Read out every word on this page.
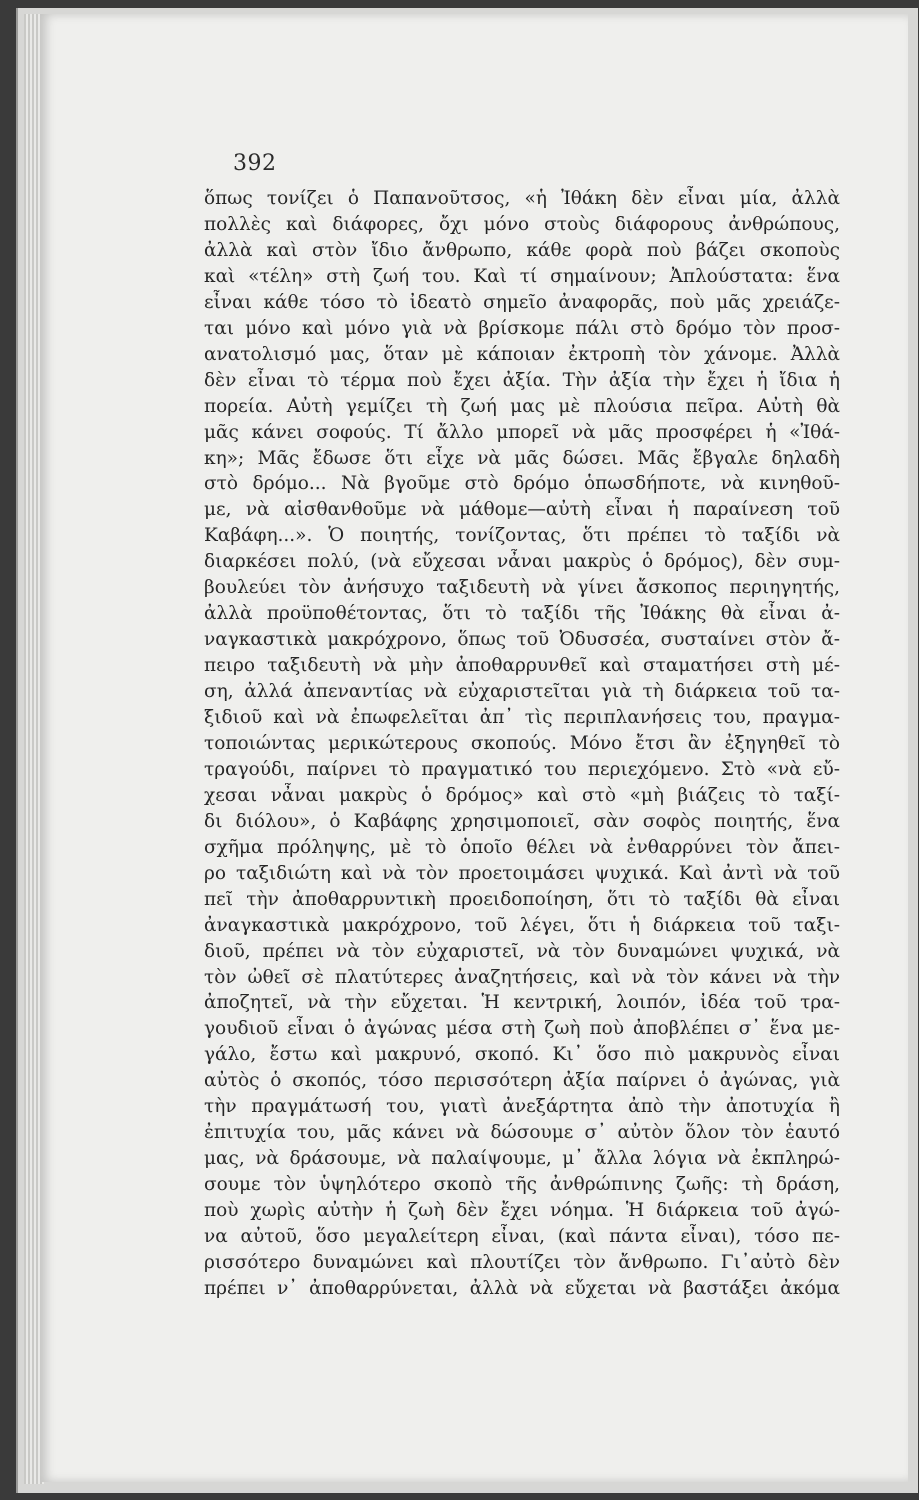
392
ὅπως τονίζει ὁ Παπανοῦτσος, «ἡ Ἰθάκη δὲν εἶναι μία, ἀλλὰ
πολλὲς καὶ διάφορες, ὄχι μόνο στοὺς διάφορους ἀνθρώπους,
ἀλλὰ καὶ στὸν ἴδιο ἄνθρωπο, κάθε φορὰ ποὺ βάζει σκοποὺς
καὶ «τέλη» στὴ ζωή του. Καὶ τί σημαίνουν; Ἀπλούστατα: ἕνα
εἶναι κάθε τόσο τὸ ἰδεατὸ σημεῖο ἀναφορᾶς, ποὺ μᾶς χρειάζε-
ται μόνο καὶ μόνο γιὰ νὰ βρίσκομε πάλι στὸ δρόμο τὸν προσ-
ανατολισμό μας, ὅταν μὲ κάποιαν ἐκτροπὴ τὸν χάνομε. Ἀλλὰ
δὲν εἶναι τὸ τέρμα ποὺ ἔχει ἀξία. Τὴν ἀξία τὴν ἔχει ἡ ἴδια ἡ
πορεία. Αὐτὴ γεμίζει τὴ ζωή μας μὲ πλούσια πεῖρα. Αὐτὴ θὰ
μᾶς κάνει σοφούς. Τί ἄλλο μπορεῖ νὰ μᾶς προσφέρει ἡ «Ἰθά-
κη»; Μᾶς ἔδωσε ὅτι εἶχε νὰ μᾶς δώσει. Μᾶς ἔβγαλε δηλαδὴ
στὸ δρόμο... Νὰ βγοῦμε στὸ δρόμο ὁπωσδήποτε, νὰ κινηθοῦ-
με, νὰ αἰσθανθοῦμε νὰ μάθομε—αὐτὴ εἶναι ἡ παραίνεση τοῦ
Καβάφη...». Ὁ ποιητής, τονίζοντας, ὅτι πρέπει τὸ ταξίδι νὰ
διαρκέσει πολύ, (νὰ εὔχεσαι νἆναι μακρὺς ὁ δρόμος), δὲν συμ-
βουλεύει τὸν ἀνήσυχο ταξιδευτὴ νὰ γίνει ἄσκοπος περιηγητής,
ἀλλὰ προϋποθέτοντας, ὅτι τὸ ταξίδι τῆς Ἰθάκης θὰ εἶναι ἀ-
ναγκαστικὰ μακρόχρονο, ὅπως τοῦ Ὀδυσσέα, συσταίνει στὸν ἄ-
πειρο ταξιδευτὴ νὰ μὴν ἀποθαρρυνθεῖ καὶ σταματήσει στὴ μέ-
ση, ἀλλά ἀπεναντίας νὰ εὐχαριστεῖται γιὰ τὴ διάρκεια τοῦ τα-
ξιδιοῦ καὶ νὰ ἐπωφελεῖται ἀπ᾽ τὶς περιπλανήσεις του, πραγμα-
τοποιώντας μερικώτερους σκοπούς. Μόνο ἔτσι ἂν ἐξηγηθεῖ τὸ
τραγούδι, παίρνει τὸ πραγματικό του περιεχόμενο. Στὸ «νὰ εὔ-
χεσαι νἆναι μακρὺς ὁ δρόμος» καὶ στὸ «μὴ βιάζεις τὸ ταξί-
δι διόλου», ὁ Καβάφης χρησιμοποιεῖ, σὰν σοφὸς ποιητής, ἕνα
σχῆμα πρόληψης, μὲ τὸ ὁποῖο θέλει νὰ ἐνθαρρύνει τὸν ἄπει-
ρο ταξιδιώτη καὶ νὰ τὸν προετοιμάσει ψυχικά. Καὶ ἀντὶ νὰ τοῦ
πεῖ τὴν ἀποθαρρυντικὴ προειδοποίηση, ὅτι τὸ ταξίδι θὰ εἶναι
ἀναγκαστικὰ μακρόχρονο, τοῦ λέγει, ὅτι ἡ διάρκεια τοῦ ταξι-
διοῦ, πρέπει νὰ τὸν εὐχαριστεῖ, νὰ τὸν δυναμώνει ψυχικά, νὰ
τὸν ὠθεῖ σὲ πλατύτερες ἀναζητήσεις, καὶ νὰ τὸν κάνει νὰ τὴν
ἀποζητεῖ, νὰ τὴν εὔχεται. Ἡ κεντρική, λοιπόν, ἰδέα τοῦ τρα-
γουδιοῦ εἶναι ὁ ἀγώνας μέσα στὴ ζωὴ ποὺ ἀποβλέπει σ᾽ ἕνα με-
γάλο, ἔστω καὶ μακρυνό, σκοπό. Κι᾽ ὅσο πιὸ μακρυνὸς εἶναι
αὐτὸς ὁ σκοπός, τόσο περισσότερη ἀξία παίρνει ὁ ἀγώνας, γιὰ
τὴν πραγμάτωσή του, γιατὶ ἀνεξάρτητα ἀπὸ τὴν ἀποτυχία ἢ
ἐπιτυχία του, μᾶς κάνει νὰ δώσουμε σ᾽ αὐτὸν ὅλον τὸν ἑαυτό
μας, νὰ δράσουμε, νὰ παλαίψουμε, μ᾽ ἄλλα λόγια νὰ ἐκπληρώ-
σουμε τὸν ὑψηλότερο σκοπὸ τῆς ἀνθρώπινης ζωῆς: τὴ δράση,
ποὺ χωρὶς αὐτὴν ἡ ζωὴ δὲν ἔχει νόημα. Ἡ διάρκεια τοῦ ἀγώ-
να αὐτοῦ, ὅσο μεγαλείτερη εἶναι, (καὶ πάντα εἶναι), τόσο πε-
ρισσότερο δυναμώνει καὶ πλουτίζει τὸν ἄνθρωπο. Γι᾽αὐτὸ δὲν
πρέπει ν᾽ ἀποθαρρύνεται, ἀλλὰ νὰ εὔχεται νὰ βαστάξει ἀκόμα
